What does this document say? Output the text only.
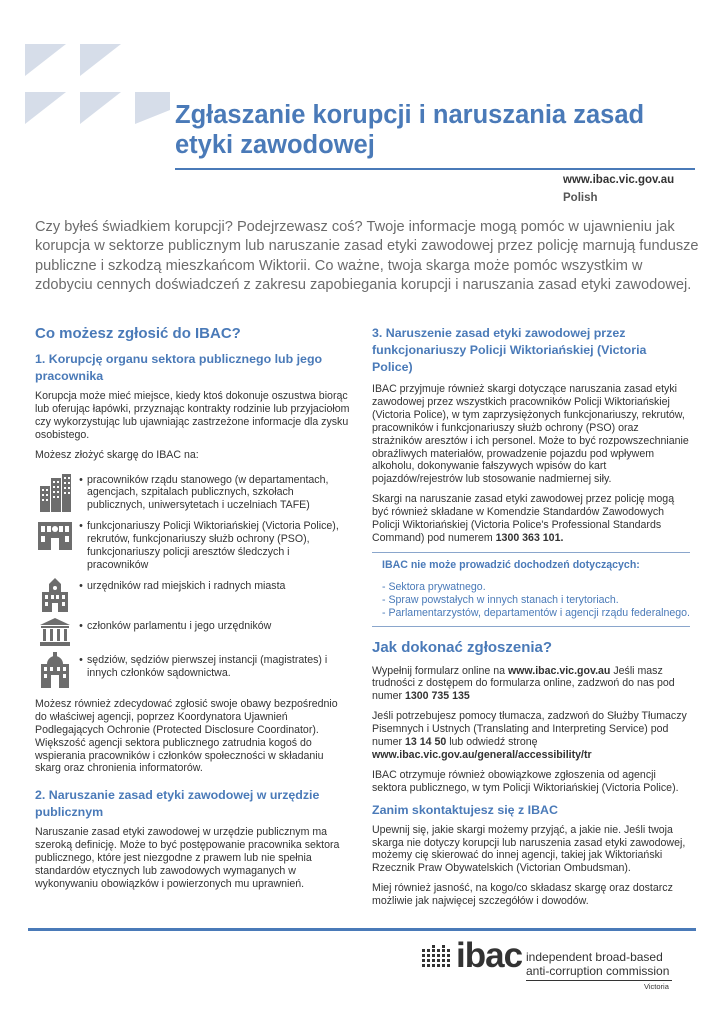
Zgłaszanie korupcji i naruszania zasad etyki zawodowej
www.ibac.vic.gov.au
Polish

Czy byłeś świadkiem korupcji? Podejrzewasz coś? Twoje informacje mogą pomóc w ujawnieniu jak korupcja w sektorze publicznym lub naruszanie zasad etyki zawodowej przez policję marnują fundusze publiczne i szkodzą mieszkańcom Wiktorii. Co ważne, twoja skarga może pomóc wszystkim w zdobyciu cennych doświadczeń z zakresu zapobiegania korupcji i naruszania zasad etyki zawodowej.

Co możesz zgłosić do IBAC?
1. Korupcję organu sektora publicznego lub jego pracownika

Korupcja może mieć miejsce, kiedy ktoś dokonuje oszustwa biorąc lub oferując łapówki, przyznając kontrakty rodzinie lub przyjaciołom czy wykorzystując lub ujawniając zastrzeżone informacje dla zysku osobistego.

Możesz złożyć skargę do IBAC na:

• pracowników rządu stanowego (w departamentach, agencjach, szpitalach publicznych, szkołach publicznych, uniwersytetach i uczelniach TAFE)
• funkcjonariuszy Policji Wiktoriańskiej (Victoria Police), rekrutów, funkcjonariuszy służb ochrony (PSO), funkcjonariuszy policji aresztów śledczych i pracowników
• urzędników rad miejskich i radnych miasta
• członków parlamentu i jego urzędników
• sędziów, sędziów pierwszej instancji (magistrates) i innych członków sądownictwa.

Możesz również zdecydować zgłosić swoje obawy bezpośrednio do właściwej agencji, poprzez Koordynatora Ujawnień Podlegających Ochronie (Protected Disclosure Coordinator). Większość agencji sektora publicznego zatrudnia kogoś do wspierania pracowników i członków społeczności w składaniu skarg oraz chronienia informatorów.

2. Naruszanie zasad etyki zawodowej w urzędzie publicznym

Naruszanie zasad etyki zawodowej w urzędzie publicznym ma szeroką definicję. Może to być postępowanie pracownika sektora publicznego, które jest niezgodne z prawem lub nie spełnia standardów etycznych lub zawodowych wymaganych w wykonywaniu obowiązków i powierzonych mu uprawnień.

3. Naruszenie zasad etyki zawodowej przez funkcjonariuszy Policji Wiktoriańskiej (Victoria Police)

IBAC przyjmuje również skargi dotyczące naruszania zasad etyki zawodowej przez wszystkich pracowników Policji Wiktoriańskiej (Victoria Police), w tym zaprzysiężonych funkcjonariuszy, rekrutów, pracowników i funkcjonariuszy służb ochrony (PSO) oraz strażników aresztów i ich personel. Może to być rozpowszechnianie obraźliwych materiałów, prowadzenie pojazdu pod wpływem alkoholu, dokonywanie fałszywych wpisów do kart pojazdów/rejestrów lub stosowanie nadmiernej siły.

Skargi na naruszanie zasad etyki zawodowej przez policję mogą być również składane w Komendzie Standardów Zawodowych Policji Wiktoriańskiej (Victoria Police's Professional Standards Command) pod numerem 1300 363 101.

IBAC nie może prowadzić dochodzeń dotyczących:
- Sektora prywatnego.
- Spraw powstałych w innych stanach i terytoriach.
- Parlamentarzystów, departamentów i agencji rządu federalnego.
Jak dokonać zgłoszenia?

Wypełnij formularz online na www.ibac.vic.gov.au Jeśli masz trudności z dostępem do formularza online, zadzwoń do nas pod numer 1300 735 135

Jeśli potrzebujesz pomocy tłumacza, zadzwoń do Służby Tłumaczy Pisemnych i Ustnych (Translating and Interpreting Service) pod numer 13 14 50 lub odwiedź stronę www.ibac.vic.gov.au/general/accessibility/tr

IBAC otrzymuje również obowiązkowe zgłoszenia od agencji sektora publicznego, w tym Policji Wiktoriańskiej (Victoria Police).

Zanim skontaktujesz się z IBAC

Upewnij się, jakie skargi możemy przyjąć, a jakie nie. Jeśli twoja skarga nie dotyczy korupcji lub naruszenia zasad etyki zawodowej, możemy cię skierować do innej agencji, takiej jak Wiktoriański Rzecznik Praw Obywatelskich (Victorian Ombudsman).

Miej również jasność, na kogo/co składasz skargę oraz dostarcz możliwie jak najwięcej szczegółów i dowodów.

ibac independent broad-based
anti-corruption commission
Victoria
